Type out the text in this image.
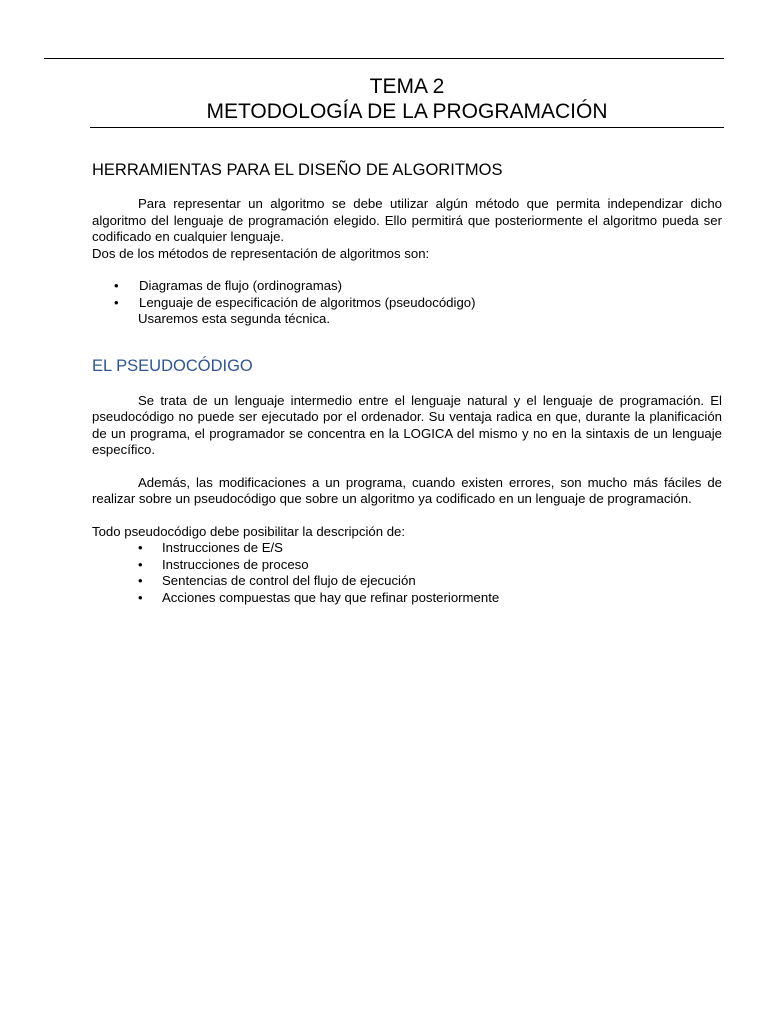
TEMA 2
METODOLOGÍA DE LA PROGRAMACIÓN
HERRAMIENTAS PARA EL DISEÑO DE ALGORITMOS

Para representar un algoritmo se debe utilizar algún método que permita independizar dicho algoritmo del lenguaje de programación elegido. Ello permitirá que posteriormente el algoritmo pueda ser codificado en cualquier lenguaje.

Dos de los métodos de representación de algoritmos son:

• Diagramas de flujo (ordinogramas)
• Lenguaje de especificación de algoritmos (pseudocódigo)

Usaremos esta segunda técnica.

EL PSEUDOCÓDIGO

Se trata de un lenguaje intermedio entre el lenguaje natural y el lenguaje de programación. El pseudocódigo no puede ser ejecutado por el ordenador. Su ventaja radica en que, durante la planificación de un programa, el programador se concentra en la LOGICA del mismo y no en la sintaxis de un lenguaje específico.

Además, las modificaciones a un programa, cuando existen errores, son mucho más fáciles de realizar sobre un pseudocódigo que sobre un algoritmo ya codificado en un lenguaje de programación.

Todo pseudocódigo debe posibilitar la descripción de:

• Instrucciones de E/S
• Instrucciones de proceso
• Sentencias de control del flujo de ejecución
• Acciones compuestas que hay que refinar posteriormente
